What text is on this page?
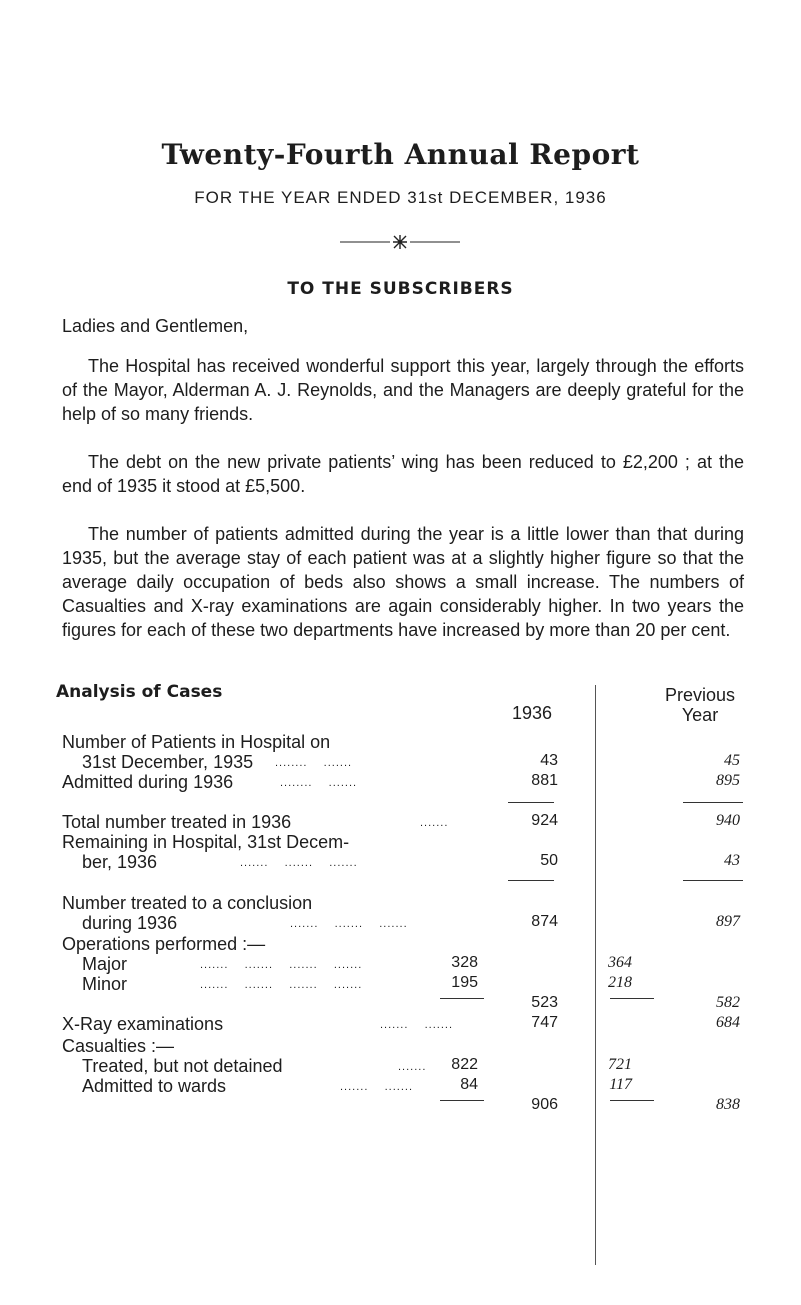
Twenty-Fourth Annual Report
FOR THE YEAR ENDED 31st DECEMBER, 1936
TO THE SUBSCRIBERS
Ladies and Gentlemen,

The Hospital has received wonderful support this year, largely through the efforts of the Mayor, Alderman A. J. Reynolds, and the Managers are deeply grateful for the help of so many friends.

The debt on the new private patients’ wing has been reduced to £2,200 ; at the end of 1935 it stood at £5,500.

The number of patients admitted during the year is a little lower than that during 1935, but the average stay of each patient was at a slightly higher figure so that the average daily occupation of beds also shows a small increase. The numbers of Casualties and X-ray examinations are again considerably higher. In two years the figures for each of these two departments have increased by more than 20 per cent.

Analysis of Cases
1936
Previous
Year
Number of Patients in Hospital on
31st December, 1935 ........    .......	43	45
Admitted during 1936	........    .......	881	895
Total number treated in 1936	.......	924	940
Remaining in Hospital, 31st Decem-
ber, 1936	.......    .......    .......	50	43
Number treated to a conclusion
during 1936	.......    .......    .......	874	897
Operations performed :—
Major	.......    .......    .......    .......	328	364
Minor	.......    .......    .......    .......	195	218
523	582
X-Ray examinations	.......    .......	747	684
Casualties :—
Treated, but not detained	.......	822	721
Admitted to wards	.......    .......	84	117
906	838
